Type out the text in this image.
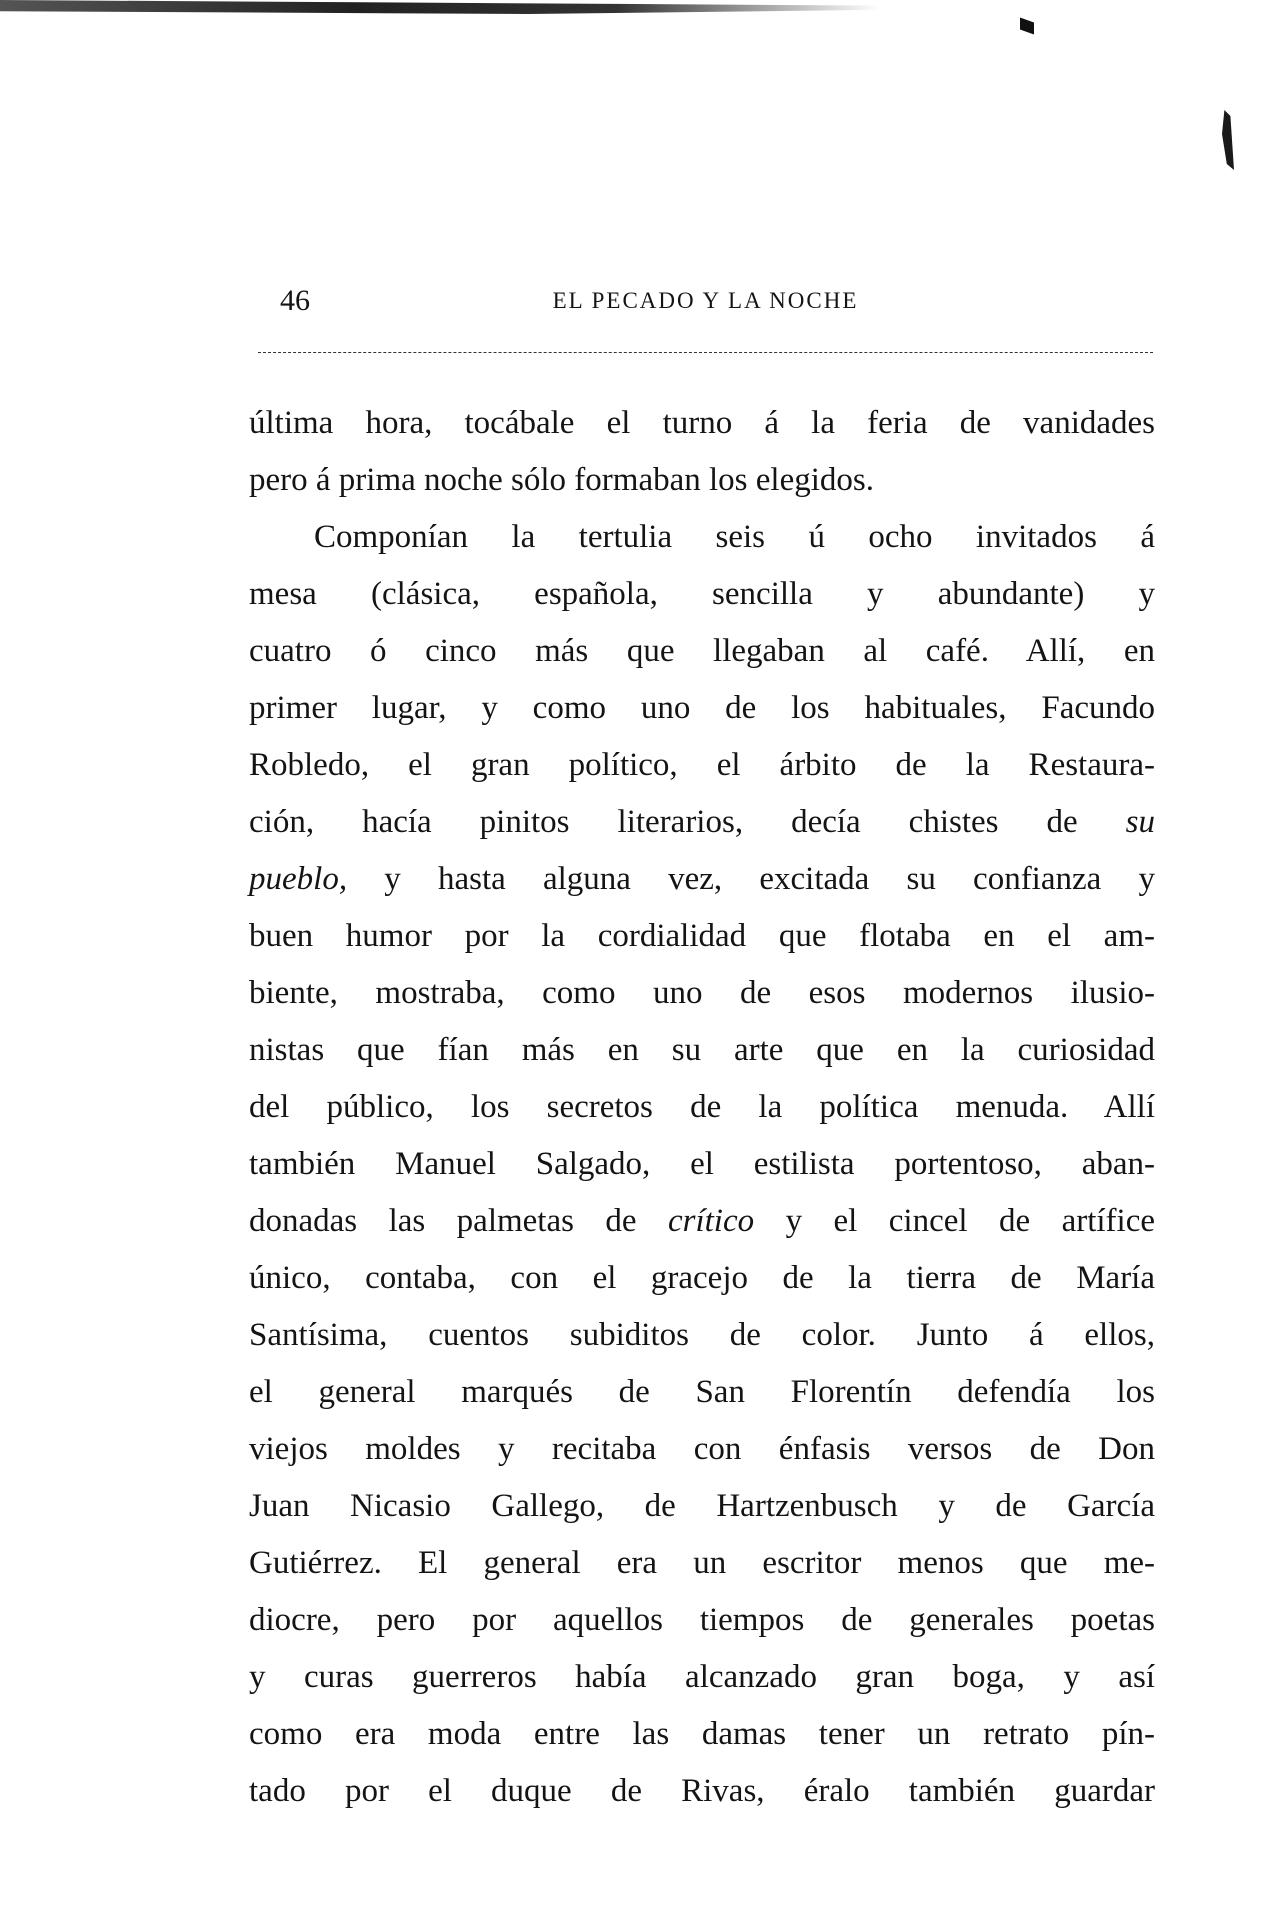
46	EL PECADO Y LA NOCHE
última hora, tocábale el turno á la feria de vanidades
pero á prima noche sólo formaban los elegidos.
Componían la tertulia seis ú ocho invitados á
mesa (clásica, española, sencilla y abundante) y
cuatro ó cinco más que llegaban al café. Allí, en
primer lugar, y como uno de los habituales, Facundo
Robledo, el gran político, el árbito de la Restaura-
ción, hacía pinitos literarios, decía chistes de su
pueblo, y hasta alguna vez, excitada su confianza y
buen humor por la cordialidad que flotaba en el am-
biente, mostraba, como uno de esos modernos ilusio-
nistas que fían más en su arte que en la curiosidad
del público, los secretos de la política menuda. Allí
también Manuel Salgado, el estilista portentoso, aban-
donadas las palmetas de crítico y el cincel de artífice
único, contaba, con el gracejo de la tierra de María
Santísima, cuentos subiditos de color. Junto á ellos,
el general marqués de San Florentín defendía los
viejos moldes y recitaba con énfasis versos de Don
Juan Nicasio Gallego, de Hartzenbusch y de García
Gutiérrez. El general era un escritor menos que me-
diocre, pero por aquellos tiempos de generales poetas
y curas guerreros había alcanzado gran boga, y así
como era moda entre las damas tener un retrato pín-
tado por el duque de Rivas, éralo también guardar
